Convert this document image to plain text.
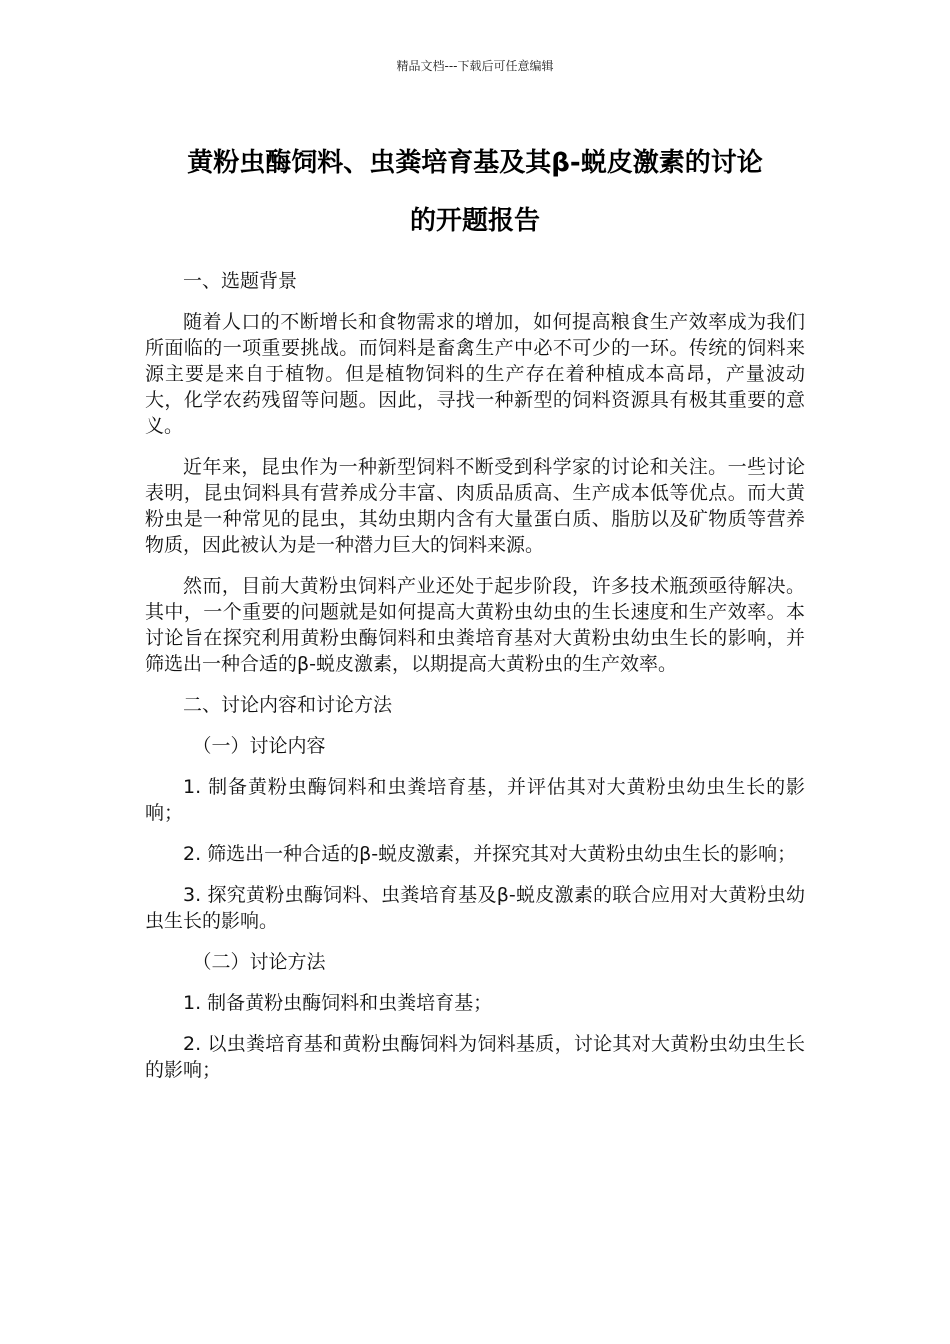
精品文档---下载后可任意编辑
黄粉虫酶饲料、虫粪培育基及其β-蜕皮激素的讨论
的开题报告

一、选题背景

随着人口的不断增长和食物需求的增加，如何提高粮食生产效率成为我们所面临的一项重要挑战。而饲料是畜禽生产中必不可少的一环。传统的饲料来源主要是来自于植物。但是植物饲料的生产存在着种植成本高昂，产量波动大，化学农药残留等问题。因此，寻找一种新型的饲料资源具有极其重要的意义。

近年来，昆虫作为一种新型饲料不断受到科学家的讨论和关注。一些讨论表明，昆虫饲料具有营养成分丰富、肉质品质高、生产成本低等优点。而大黄粉虫是一种常见的昆虫，其幼虫期内含有大量蛋白质、脂肪以及矿物质等营养物质，因此被认为是一种潜力巨大的饲料来源。

然而，目前大黄粉虫饲料产业还处于起步阶段，许多技术瓶颈亟待解决。其中，一个重要的问题就是如何提高大黄粉虫幼虫的生长速度和生产效率。本讨论旨在探究利用黄粉虫酶饲料和虫粪培育基对大黄粉虫幼虫生长的影响，并筛选出一种合适的β-蜕皮激素，以期提高大黄粉虫的生产效率。

二、讨论内容和讨论方法

（一）讨论内容

1. 制备黄粉虫酶饲料和虫粪培育基，并评估其对大黄粉虫幼虫生长的影响；

2. 筛选出一种合适的β-蜕皮激素，并探究其对大黄粉虫幼虫生长的影响；

3. 探究黄粉虫酶饲料、虫粪培育基及β-蜕皮激素的联合应用对大黄粉虫幼虫生长的影响。

（二）讨论方法

1. 制备黄粉虫酶饲料和虫粪培育基；

2. 以虫粪培育基和黄粉虫酶饲料为饲料基质，讨论其对大黄粉虫幼虫生长的影响；
